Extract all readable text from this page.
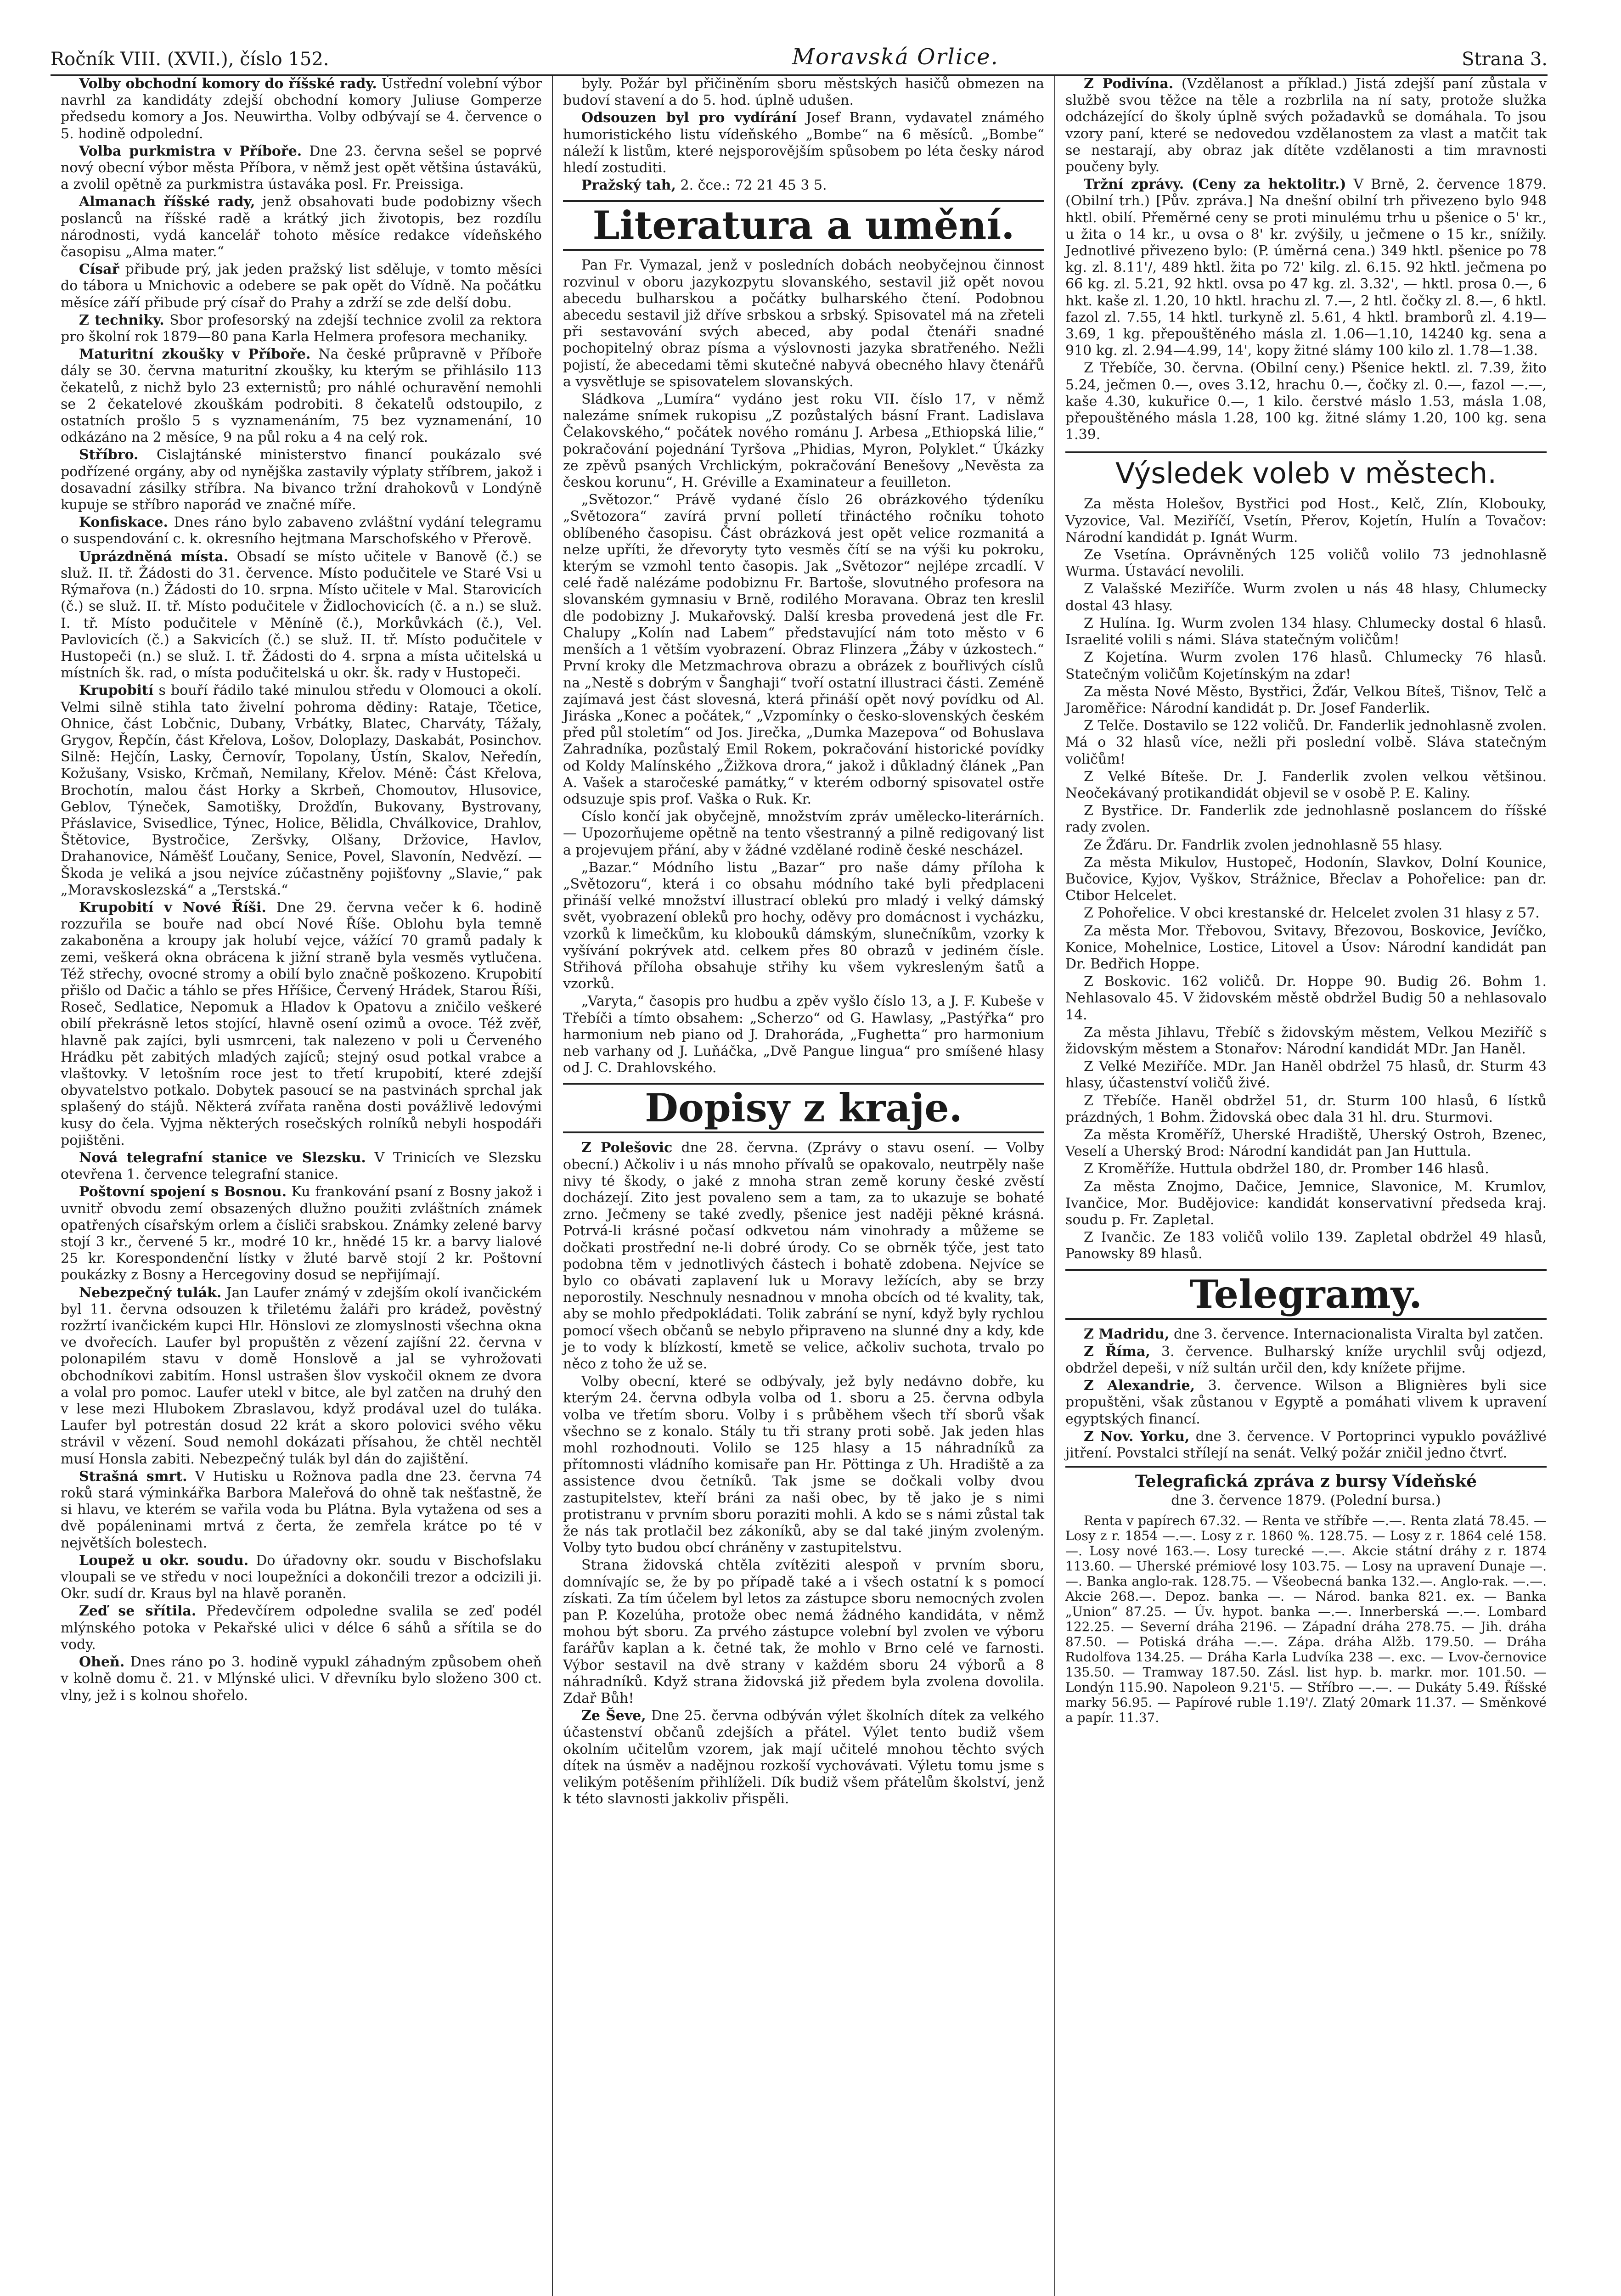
Ročník VIII. (XVII.), číslo 152.	Moravská Orlice.	Strana 3.

Volby obchodní komory do říšské rady. Ústřední volební výbor navrhl za kandidáty zdejší obchodní komory Juliuse Gomperze předsedu komory a Jos. Neuwirtha. Volby odbývají se 4. července o 5. hodině odpolední.

Volba purkmistra v Příboře. Dne 23. června sešel se poprvé nový obecní výbor města Příbora, v němž jest opět většina ústavákü, a zvolil opětně za purkmistra ústaváka posl. Fr. Preissiga.

Almanach říšské rady, jenž obsahovati bude podobizny všech poslanců na říšské radě a krátký jich životopis, bez rozdílu národnosti, vydá kancelář tohoto měsíce redakce vídeňského časopisu „Alma mater.“

Císař přibude prý, jak jeden pražský list sděluje, v tomto měsíci do tábora u Mnichovic a odebere se pak opět do Vídně. Na počátku měsíce září přibude prý císař do Prahy a zdrží se zde delší dobu.

Z techniky. Sbor profesorský na zdejší technice zvolil za rektora pro školní rok 1879—80 pana Karla Helmera profesora mechaniky.

Maturitní zkoušky v Příboře. Na české průpravně v Příboře dály se 30. června maturitní zkoušky, ku kterým se přihlásilo 113 čekatelů, z nichž bylo 23 externistů; pro náhlé ochuravění nemohli se 2 čekatelové zkouškám podrobiti. 8 čekatelů odstoupilo, z ostatních prošlo 5 s vyznamenáním, 75 bez vyznamenání, 10 odkázáno na 2 měsíce, 9 na půl roku a 4 na celý rok.

Stříbro. Cislajtánské ministerstvo financí poukázalo své podřízené orgány, aby od nynějška zastavily výplaty stříbrem, jakož i dosavadní zásilky stříbra. Na bivanco tržní drahokovů v Londýně kupuje se stříbro naporád ve značné míře.

Konfiskace. Dnes ráno bylo zabaveno zvláštní vydání telegramu o suspendování c. k. okresního hejtmana Marschofského v Přerově.

Uprázdněná místa. Obsadí se místo učitele v Banově (č.) se služ. II. tř. Žádosti do 31. července. Místo podučitele ve Staré Vsi u Rýmařova (n.) Žádosti do 10. srpna. Místo učitele v Mal. Starovicích (č.) se služ. II. tř. Místo podučitele v Židlochovicích (č. a n.) se služ. I. tř. Místo podučitele v Měníně (č.), Morkůvkách (č.), Vel. Pavlovicích (č.) a Sakvicích (č.) se služ. II. tř. Místo podučitele v Hustopeči (n.) se služ. I. tř. Žádosti do 4. srpna a místa učitelská u místních šk. rad, o místa podučitelská u okr. šk. rady v Hustopeči.

Krupobití s bouří řádilo také minulou středu v Olomouci a okolí. Velmi silně stihla tato živelní pohroma dědiny: Rataje, Tčetice, Ohnice, část Lobčnic, Dubany, Vrbátky, Blatec, Charváty, Tážaly, Grygov, Řepčín, část Křelova, Lošov, Doloplazy, Daskabát, Posinchov. Silně: Hejčín, Lasky, Černovír, Topolany, Ústín, Skalov, Neředín, Kožušany, Vsisko, Krčmaň, Nemilany, Křelov. Méně: Část Křelova, Brochotín, malou část Horky a Skrbeň, Chomoutov, Hlusovice, Geblov, Týneček, Samotišky, Drožďín, Bukovany, Bystrovany, Přáslavice, Svisedlice, Týnec, Holice, Bělidla, Chválkovice, Drahlov, Štětovice, Bystročice, Zeršvky, Olšany, Držovice, Havlov, Drahanovice, Náměšť Loučany, Senice, Povel, Slavonín, Nedvězí. — Škoda je veliká a jsou nejvíce zúčastněny pojišťovny „Slavie,“ pak „Moravskoslezská“ a „Terstská.“

Krupobití v Nové Říši. Dne 29. června večer k 6. hodině rozzuřila se bouře nad obcí Nové Říše. Oblohu byla temně zakaboněna a kroupy jak holubí vejce, vážící 70 gramů padaly k zemi, veškerá okna obrácena k jižní straně byla vesměs vytlučena. Též střechy, ovocné stromy a obilí bylo značně poškozeno. Krupobití přišlo od Dačic a táhlo se přes Hříšice, Červený Hrádek, Starou Říši, Roseč, Sedlatice, Nepomuk a Hladov k Opatovu a zničilo veškeré obilí překrásně letos stojící, hlavně osení ozimů a ovoce. Též zvěř, hlavně pak zajíci, byli usmrceni, tak nalezeno v poli u Červeného Hrádku pět zabitých mladých zajíců; stejný osud potkal vrabce a vlaštovky. V letošním roce jest to třetí krupobití, které zdejší obyvatelstvo potkalo. Dobytek pasoucí se na pastvinách sprchal jak splašený do stájů. Některá zvířata raněna dosti povážlivě ledovými kusy do čela. Vyjma některých rosečských rolníků nebyli hospodáři pojištěni.

Nová telegrafní stanice ve Slezsku. V Trinicích ve Slezsku otevřena 1. července telegrafní stanice.

Poštovní spojení s Bosnou. Ku frankování psaní z Bosny jakož i uvnitř obvodu zemí obsazených dlužno použiti zvláštních známek opatřených císařským orlem a čísliči srabskou. Známky zelené barvy stojí 3 kr., červené 5 kr., modré 10 kr., hnědé 15 kr. a barvy lialové 25 kr. Korespondenční lístky v žluté barvě stojí 2 kr. Poštovní poukázky z Bosny a Hercegoviny dosud se nepřijímají.

Nebezpečný tulák. Jan Laufer známý v zdejším okolí ivančickém byl 11. června odsouzen k třiletému žaláři pro krádež, pověstný rozžrtí ivančickém kupci Hlr. Hönslovi ze zlomyslnosti všechna okna ve dvořecích. Laufer byl propuštěn z vězení zajíšní 22. června v polonapilém stavu v domě Honslově a jal se vyhrožovati obchodníkovi zabitím. Honsl ustrašen šlov vyskočil oknem ze dvora a volal pro pomoc. Laufer utekl v bitce, ale byl zatčen na druhý den v lese mezi Hlubokem Zbraslavou, když prodával uzel do tuláka. Laufer byl potrestán dosud 22 krát a skoro polovici svého věku strávil v vězení. Soud nemohl dokázati přísahou, že chtěl nechtěl musí Honsla zabiti. Nebezpečný tulák byl dán do zajištění.

Strašná smrt. V Hutisku u Rožnova padla dne 23. června 74 roků stará výminkářka Barbora Maleřová do ohně tak nešťastně, že si hlavu, ve kterém se vařila voda bu Plátna. Byla vytažena od ses a dvě popáleninami mrtvá z čerta, že zemřela krátce po té v největších bolestech.

Loupež u okr. soudu. Do úřadovny okr. soudu v Bischofslaku vloupali se ve středu v noci loupežníci a dokončili trezor a odcizili ji. Okr. sudí dr. Kraus byl na hlavě poraněn.

Zeď se sřítila. Předevčírem odpoledne svalila se zeď podél mlýnského potoka v Pekařské ulici v délce 6 sáhů a sřítila se do vody.

Oheň. Dnes ráno po 3. hodině vypukl záhadným způsobem oheň v kolně domu č. 21. v Mlýnské ulici. V dřevníku bylo složeno 300 ct. vlny, jež i s kolnou shořelo.

byly. Požár byl přičiněním sboru městských hasičů obmezen na budoví stavení a do 5. hod. úplně udušen.

Odsouzen byl pro vydírání Josef Brann, vydavatel známého humoristického listu vídeňského „Bombe“ na 6 měsíců. „Bombe“ náleží k listům, které nejsporovějším spůsobem po léta česky národ hledí zostuditi.

Pražský tah, 2. čce.: 72 21 45 3 5.

Literatura a umění.

Pan Fr. Vymazal, jenž v posledních dobách neobyčejnou činnost rozvinul v oboru jazykozpytu slovanského, sestavil již opět novou abecedu bulharskou a počátky bulharského čtení. Podobnou abecedu sestavil již dříve srbskou a srbský. Spisovatel má na zřeteli při sestavování svých abeced, aby podal čtenáři snadné pochopitelný obraz písma a výslovnosti jazyka sbratřeného. Nežli pojistí, že abecedami těmi skutečné nabyvá obecného hlavy čtenářů a vysvětluje se spisovatelem slovanských.

Sládkova „Lumíra“ vydáno jest roku VII. číslo 17, v němž nalezáme snímek rukopisu „Z pozůstalých básní Frant. Ladislava Čelakovského,“ počátek nového románu J. Arbesa „Ethiopská lilie,“ pokračování pojednání Tyršova „Phidias, Myron, Polyklet.“ Úkázky ze zpěvů psaných Vrchlickým, pokračování Benešovy „Nevěsta za českou korunu“, H. Gréville a Examinateur a feuilleton.

„Světozor.“ Právě vydané číslo 26 obrázkového týdeníku „Světozora“ zavírá první polletí třináctého ročníku tohoto oblíbeného časopisu. Část obrázková jest opět velice rozmanitá a nelze upříti, že dřevoryty tyto vesměs čítí se na výši ku pokroku, kterým se vzmohl tento časopis. Jak „Světozor“ nejlépe zrcadlí. V celé řadě nalézáme podobiznu Fr. Bartoše, slovutného profesora na slovanském gymnasiu v Brně, rodilého Moravana. Obraz ten kreslil dle podobizny J. Mukařovský. Další kresba provedená jest dle Fr. Chalupy „Kolín nad Labem“ představující nám toto město v 6 menších a 1 větším vyobrazení. Obraz Flinzera „Žáby v úzkostech.“ První kroky dle Metzmachrova obrazu a obrázek z bouřlivých císlů na „Nestě s dobrým v Šanghaji“ tvoří ostatní illustraci části. Zeméně zajímavá jest část slovesná, která přináší opět nový povídku od Al. Jiráska „Konec a počátek,“ „Vzpomínky o česko-slovenských českém před půl stoletím“ od Jos. Jirečka, „Dumka Mazepova“ od Bohuslava Zahradníka, pozůstalý Emil Rokem, pokračování historické povídky od Koldy Malínského „Žižkova drora,“ jakož i důkladný článek „Pan A. Vašek a staročeské památky,“ v kterém odborný spisovatel ostře odsuzuje spis prof. Vaška o Ruk. Kr.

Císlo končí jak obyčejně, množstvím zpráv umělecko-literárních. — Upozorňujeme opětně na tento všestranný a pilně redigovaný list a projevujem přání, aby v žádné vzdělané rodině české nescházel.

„Bazar.“ Módního listu „Bazar“ pro naše dámy příloha k „Světozoru“, která i co obsahu módního také byli předplaceni přináší velké množství illustrací oblekú pro mladý i velký dámský svět, vyobrazení obleků pro hochy, oděvy pro domácnost i vycházku, vzorků k limečkům, ku klobouků dámským, slunečníkům, vzorky k vyšívání pokrývek atd. celkem přes 80 obrazů v jediném čísle. Střihová příloha obsahuje střihy ku všem vykresleným šatů a vzorků.

„Varyta,“ časopis pro hudbu a zpěv vyšlo číslo 13, a J. F. Kubeše v Třebíči a tímto obsahem: „Scherzo“ od G. Hawlasy, „Pastýřka“ pro harmonium neb piano od J. Drahoráda, „Fughetta“ pro harmonium neb varhany od J. Luňáčka, „Dvě Pangue lingua“ pro smíšené hlasy od J. C. Drahlovského.

Dopisy z kraje.

Z Polešovic dne 28. června. (Zprávy o stavu osení. — Volby obecní.) Ačkoliv i u nás mnoho přívalů se opakovalo, neutrpěly naše nivy té škody, o jaké z mnoha stran země koruny české zvěstí docházejí. Zito jest povaleno sem a tam, za to ukazuje se bohaté zrno. Ječmeny se také zvedly, pšenice jest naději pěkné krásná. Potrvá-li krásné počasí odkvetou nám vinohrady a můžeme se dočkati prostřední ne-li dobré úrody. Co se obrněk týče, jest tato podobna těm v jednotlivých částech i bohatě zdobena. Nejvíce se bylo co obávati zaplavení luk u Moravy ležících, aby se brzy neporostily. Neschnuly nesnadnou v mnoha obcích od té kvality, tak, aby se mohlo předpokládati. Tolik zabrání se nyní, když byly rychlou pomocí všech občanů se nebylo připraveno na slunné dny a kdy, kde je to vody k blízkostí, kmetě se velice, ačkoliv suchota, trvalo po něco z toho že už se.

Volby obecní, které se odbývaly, jež byly nedávno dobře, ku kterým 24. června odbyla volba od 1. sboru a 25. června odbyla volba ve třetím sboru. Volby i s průběhem všech tří sborů však všechno se z konalo. Stály tu tři strany proti sobě. Jak jeden hlas mohl rozhodnouti. Volilo se 125 hlasy a 15 náhradníků za přítomnosti vládního komisaře pan Hr. Pöttinga z Uh. Hradiště a za assistence dvou četníků. Tak jsme se dočkali volby dvou zastupitelstev, kteří bráni za naši obec, by tě jako je s nimi protistranu v prvním sboru poraziti mohli. A kdo se s námi zůstal tak že nás tak protlačil bez zákoníků, aby se dal také jiným zvoleným. Volby tyto budou obcí chráněny v zastupitelstvu.

Strana židovská chtěla zvítěziti alespoň v prvním sboru, domnívajíc se, že by po případě také a i všech ostatní k s pomocí získati. Za tím účelem byl letos za zástupce sboru nemocných zvolen pan P. Kozelúha, protože obec nemá žádného kandidáta, v němž mohou být sboru. Za prvého zástupce volební byl zvolen ve výboru farářův kaplan a k. četné tak, že mohlo v Brno celé ve farnosti. Výbor sestavil na dvě strany v každém sboru 24 výborů a 8 náhradníků. Když strana židovská již předem byla zvolena dovolila. Zdař Bůh!

Ze Ševe, Dne 25. června odbýván výlet školních dítek za velkého účastenství občanů zdejších a přátel. Výlet tento budiž všem okolním učitelům vzorem, jak mají učitelé mnohou těchto svých dítek na úsměv a nadějnou rozkoší vychovávati. Výletu tomu jsme s velikým potěšením přihlíželi. Dík budiž všem přátelům školství, jenž k této slavnosti jakkoliv přispěli.

Z Podivína. (Vzdělanost a příklad.) Jistá zdejší paní zůstala v službě svou těžce na těle a rozbrlila na ní saty, protože služka odcházející do školy úplně svých požadavků se domáhala. To jsou vzory paní, které se nedovedou vzdělanostem za vlast a matčit tak se nestarají, aby obraz jak dítěte vzdělanosti a tim mravnosti poučeny byly.

Tržní zprávy. (Ceny za hektolitr.) V Brně, 2. července 1879. (Obilní trh.) [Pův. zpráva.] Na dnešní obilní trh přivezeno bylo 948 hktl. obilí. Přeměrné ceny se proti minulému trhu u pšenice o 5' kr., u žita o 14 kr., u ovsa o 8' kr. zvýšily, u ječmene o 15 kr., snížily. Jednotlivé přivezeno bylo: (P. úměrná cena.) 349 hktl. pšenice po 78 kg. zl. 8.11'/, 489 hktl. žita po 72' kilg. zl. 6.15. 92 hktl. ječmena po 66 kg. zl. 5.21, 92 hktl. ovsa po 47 kg. zl. 3.32', — hktl. prosa 0.—, 6 hkt. kaše zl. 1.20, 10 hktl. hrachu zl. 7.—, 2 htl. čočky zl. 8.—, 6 hktl. fazol zl. 7.55, 14 hktl. turkyně zl. 5.61, 4 hktl. bramborů zl. 4.19—3.69, 1 kg. přepouštěného másla zl. 1.06—1.10, 14240 kg. sena a 910 kg. zl. 2.94—4.99, 14', kopy žitné slámy 100 kilo zl. 1.78—1.38.

Z Třebíče, 30. června. (Obilní ceny.) Pšenice hektl. zl. 7.39, žito 5.24, ječmen 0.—, oves 3.12, hrachu 0.—, čočky zl. 0.—, fazol —.—, kaše 4.30, kukuřice 0.—, 1 kilo. čerstvé máslo 1.53, másla 1.08, přepouštěného másla 1.28, 100 kg. žitné slámy 1.20, 100 kg. sena 1.39.

Výsledek voleb v městech.

Za města Holešov, Bystřici pod Host., Kelč, Zlín, Klobouky, Vyzovice, Val. Meziříčí, Vsetín, Přerov, Kojetín, Hulín a Tovačov: Národní kandidát p. Ignát Wurm.

Ze Vsetína. Oprávněných 125 voličů volilo 73 jednohlasně Wurma. Ústavácí nevolili.

Z Valašské Meziříče. Wurm zvolen u nás 48 hlasy, Chlumecky dostal 43 hlasy.

Z Hulína. Ig. Wurm zvolen 134 hlasy. Chlumecky dostal 6 hlasů. Israelité volili s námi. Sláva statečným voličům!

Z Kojetína. Wurm zvolen 176 hlasů. Chlumecky 76 hlasů. Statečným voličům Kojetínským na zdar!

Za města Nové Město, Bystřici, Žďár, Velkou Bíteš, Tišnov, Telč a Jaroměřice: Národní kandidát p. Dr. Josef Fanderlik.

Z Telče. Dostavilo se 122 voličů. Dr. Fanderlik jednohlasně zvolen. Má o 32 hlasů více, nežli při poslední volbě. Sláva statečným voličům!

Z Velké Bíteše. Dr. J. Fanderlik zvolen velkou většinou. Neočekávaný protikandidát objevil se v osobě P. E. Kaliny.

Z Bystřice. Dr. Fanderlik zde jednohlasně poslancem do říšské rady zvolen.

Ze Žďáru. Dr. Fandrlik zvolen jednohlasně 55 hlasy.

Za města Mikulov, Hustopeč, Hodonín, Slavkov, Dolní Kounice, Bučovice, Kyjov, Vyškov, Strážnice, Břeclav a Pohořelice: pan dr. Ctibor Helcelet.

Z Pohořelice. V obci krestanské dr. Helcelet zvolen 31 hlasy z 57.

Za města Mor. Třebovou, Svitavy, Březovou, Boskovice, Jevíčko, Konice, Mohelnice, Lostice, Litovel a Úsov: Národní kandidát pan Dr. Bedřich Hoppe.

Z Boskovic. 162 voličů. Dr. Hoppe 90. Budig 26. Bohm 1. Nehlasovalo 45. V židovském městě obdržel Budig 50 a nehlasovalo 14.

Za města Jihlavu, Třebíč s židovským městem, Velkou Meziříč s židovským městem a Stonařov: Národní kandidát MDr. Jan Haněl.

Z Velké Meziříče. MDr. Jan Haněl obdržel 75 hlasů, dr. Sturm 43 hlasy, účastenství voličů živé.

Z Třebíče. Haněl obdržel 51, dr. Sturm 100 hlasů, 6 lístků prázdných, 1 Bohm. Židovská obec dala 31 hl. dru. Sturmovi.

Za města Kroměříž, Uherské Hradiště, Uherský Ostroh, Bzenec, Veselí a Uherský Brod: Národní kandidát pan Jan Huttula.

Z Kroměříže. Huttula obdržel 180, dr. Promber 146 hlasů.

Za města Znojmo, Dačice, Jemnice, Slavonice, M. Krumlov, Ivančice, Mor. Budějovice: kandidát konservativní předseda kraj. soudu p. Fr. Zapletal.

Z Ivančic. Ze 183 voličů volilo 139. Zapletal obdržel 49 hlasů, Panowsky 89 hlasů.

Telegramy.

Z Madridu, dne 3. července. Internacionalista Viralta byl zatčen.

Z Říma, 3. července. Bulharský kníže urychlil svůj odjezd, obdržel depeši, v níž sultán určil den, kdy knížete přijme.

Z Alexandrie, 3. července. Wilson a Blignières byli sice propuštěni, však zůstanou v Egyptě a pomáhati vlivem k upravení egyptských financí.

Z Nov. Yorku, dne 3. července. V Portoprinci vypuklo povážlivé jitření. Povstalci střílejí na senát. Velký požár zničil jedno čtvrť.

Telegrafická zpráva z bursy Vídeňské
dne 3. července 1879. (Polední bursa.)

Renta v papírech 67.32. — Renta ve stříbře —.—. Renta zlatá 78.45. — Losy z r. 1854 —.—. Losy z r. 1860 %. 128.75. — Losy z r. 1864 celé 158.—. Losy nové 163.—. Losy turecké —.—. Akcie státní dráhy z r. 1874 113.60. — Uherské prémiové losy 103.75. — Losy na upravení Dunaje —.—. Banka anglo-rak. 128.75. — Všeobecná banka 132.—. Anglo-rak. —.—. Akcie 268.—. Depoz. banka —. — Národ. banka 821. ex. — Banka „Union“ 87.25. — Úv. hypot. banka —.—. Innerberská —.—. Lombard 122.25. — Severní dráha 2196. — Západní dráha 278.75. — Jih. dráha 87.50. — Potiská dráha —.—. Zápa. dráha Alžb. 179.50. — Dráha Rudolfova 134.25. — Dráha Karla Ludvíka 238 —. exc. — Lvov-černovice 135.50. — Tramway 187.50. Zásl. list hyp. b. markr. mor. 101.50. — Londýn 115.90. Napoleon 9.21'5. — Stříbro —.—. — Dukáty 5.49. Říšské marky 56.95. — Papírové ruble 1.19'/. Zlatý 20mark 11.37. — Směnkové a papír. 11.37.
